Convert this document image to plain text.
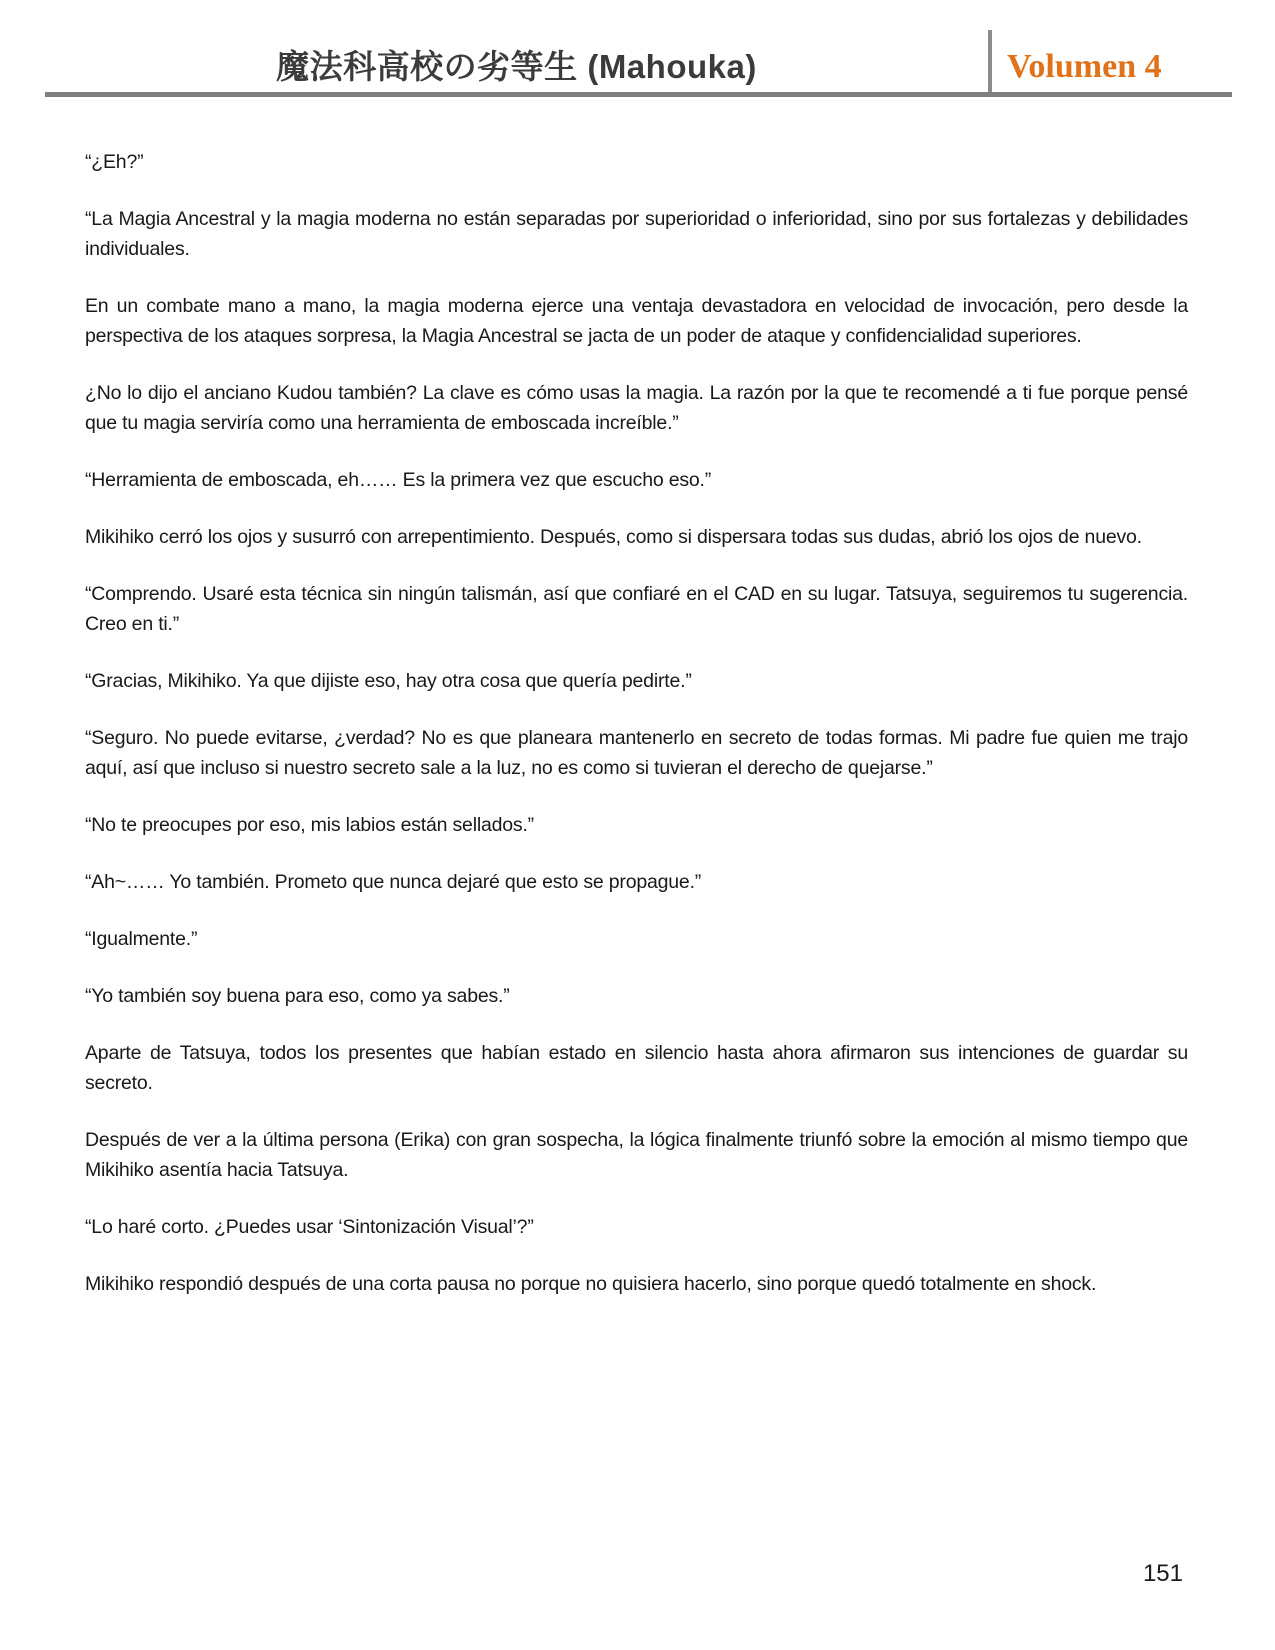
魔法科高校の劣等生 (Mahouka)	Volumen 4

“¿Eh?”

“La Magia Ancestral y la magia moderna no están separadas por superioridad o inferioridad, sino por sus fortalezas y debilidades individuales.

En un combate mano a mano, la magia moderna ejerce una ventaja devastadora en velocidad de invocación, pero desde la perspectiva de los ataques sorpresa, la Magia Ancestral se jacta de un poder de ataque y confidencialidad superiores.

¿No lo dijo el anciano Kudou también? La clave es cómo usas la magia. La razón por la que te recomendé a ti fue porque pensé que tu magia serviría como una herramienta de emboscada increíble.”

“Herramienta de emboscada, eh…… Es la primera vez que escucho eso.”

Mikihiko cerró los ojos y susurró con arrepentimiento. Después, como si dispersara todas sus dudas, abrió los ojos de nuevo.

“Comprendo. Usaré esta técnica sin ningún talismán, así que confiaré en el CAD en su lugar. Tatsuya, seguiremos tu sugerencia. Creo en ti.”

“Gracias, Mikihiko. Ya que dijiste eso, hay otra cosa que quería pedirte.”

“Seguro. No puede evitarse, ¿verdad? No es que planeara mantenerlo en secreto de todas formas. Mi padre fue quien me trajo aquí, así que incluso si nuestro secreto sale a la luz, no es como si tuvieran el derecho de quejarse.”

“No te preocupes por eso, mis labios están sellados.”

“Ah~…… Yo también. Prometo que nunca dejaré que esto se propague.”

“Igualmente.”

“Yo también soy buena para eso, como ya sabes.”

Aparte de Tatsuya, todos los presentes que habían estado en silencio hasta ahora afirmaron sus intenciones de guardar su secreto.

Después de ver a la última persona (Erika) con gran sospecha, la lógica finalmente triunfó sobre la emoción al mismo tiempo que Mikihiko asentía hacia Tatsuya.

“Lo haré corto. ¿Puedes usar ‘Sintonización Visual’?”

Mikihiko respondió después de una corta pausa no porque no quisiera hacerlo, sino porque quedó totalmente en shock.

151
